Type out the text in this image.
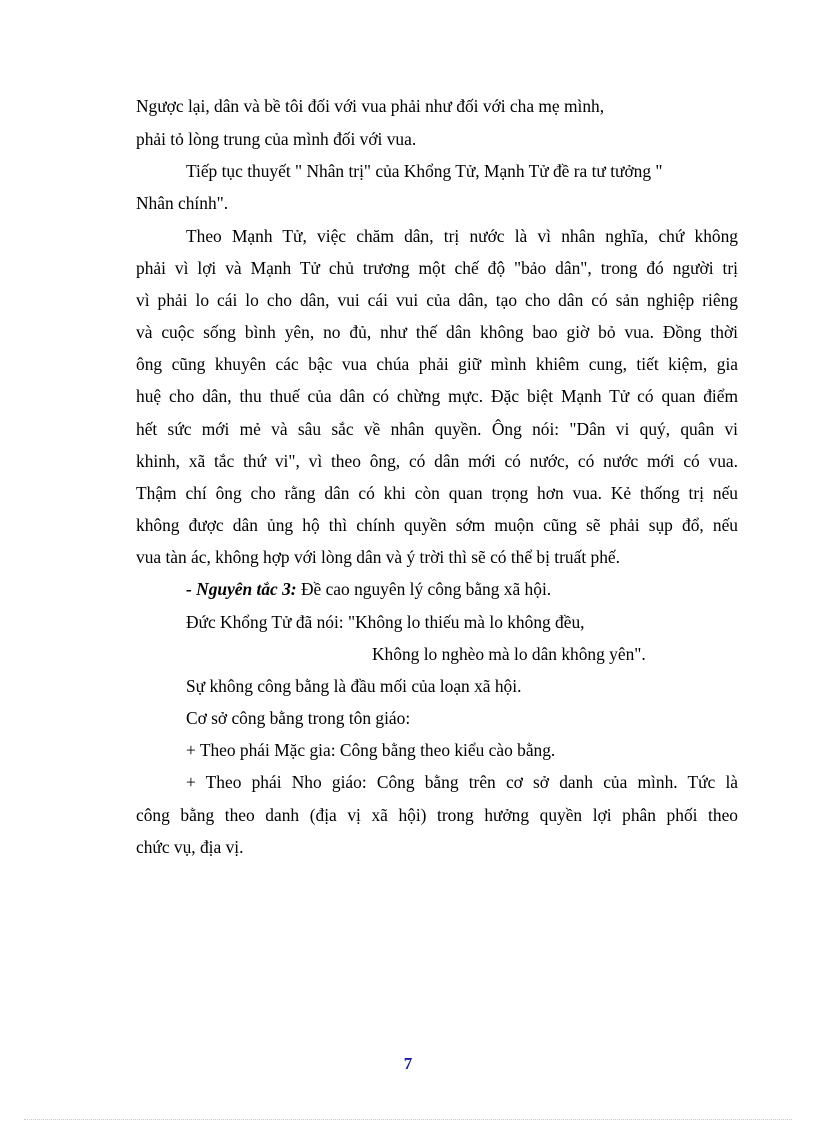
Ngược lại, dân và bề tôi đối với vua phải như đối với cha mẹ mình,
phải tỏ lòng trung của mình đối với vua.
Tiếp tục thuyết " Nhân trị" của Khổng Tử, Mạnh Tử đề ra tư tưởng "
Nhân chính".
Theo Mạnh Tử, việc chăm dân, trị nước là vì nhân nghĩa, chứ không
phải vì lợi và Mạnh Tử chủ trương một chế độ "bảo dân", trong đó người trị
vì phải lo cái lo cho dân, vui cái vui của dân, tạo cho dân có sản nghiệp riêng
và cuộc sống bình yên, no đủ, như thế dân không bao giờ bỏ vua. Đồng thời
ông cũng khuyên các bậc vua chúa phải giữ mình khiêm cung, tiết kiệm, gia
huệ cho dân, thu thuế của dân có chừng mực. Đặc biệt Mạnh Tử có quan điểm
hết sức mới mẻ và sâu sắc về nhân quyền. Ông nói: "Dân vi quý, quân vi
khinh, xã tắc thứ vi", vì theo ông, có dân mới có nước, có nước mới có vua.
Thậm chí ông cho rằng dân có khi còn quan trọng hơn vua. Kẻ thống trị nếu
không được dân ủng hộ thì chính quyền sớm muộn cũng sẽ phải sụp đổ, nếu
vua tàn ác, không hợp với lòng dân và ý trời thì sẽ có thể bị truất phế.
- Nguyên tắc 3: Đề cao nguyên lý công bằng xã hội.
Đức Khổng Tử đã nói: "Không lo thiếu mà lo không đều,
Không lo nghèo mà lo dân không yên".
Sự không công bằng là đầu mối của loạn xã hội.
Cơ sở công bằng trong tôn giáo:
+ Theo phái Mặc gia: Công bằng theo kiểu cào bằng.
+ Theo phái Nho giáo: Công bằng trên cơ sở danh của mình. Tức là
công bằng theo danh (địa vị xã hội) trong hưởng quyền lợi phân phối theo
chức vụ, địa vị.
7
